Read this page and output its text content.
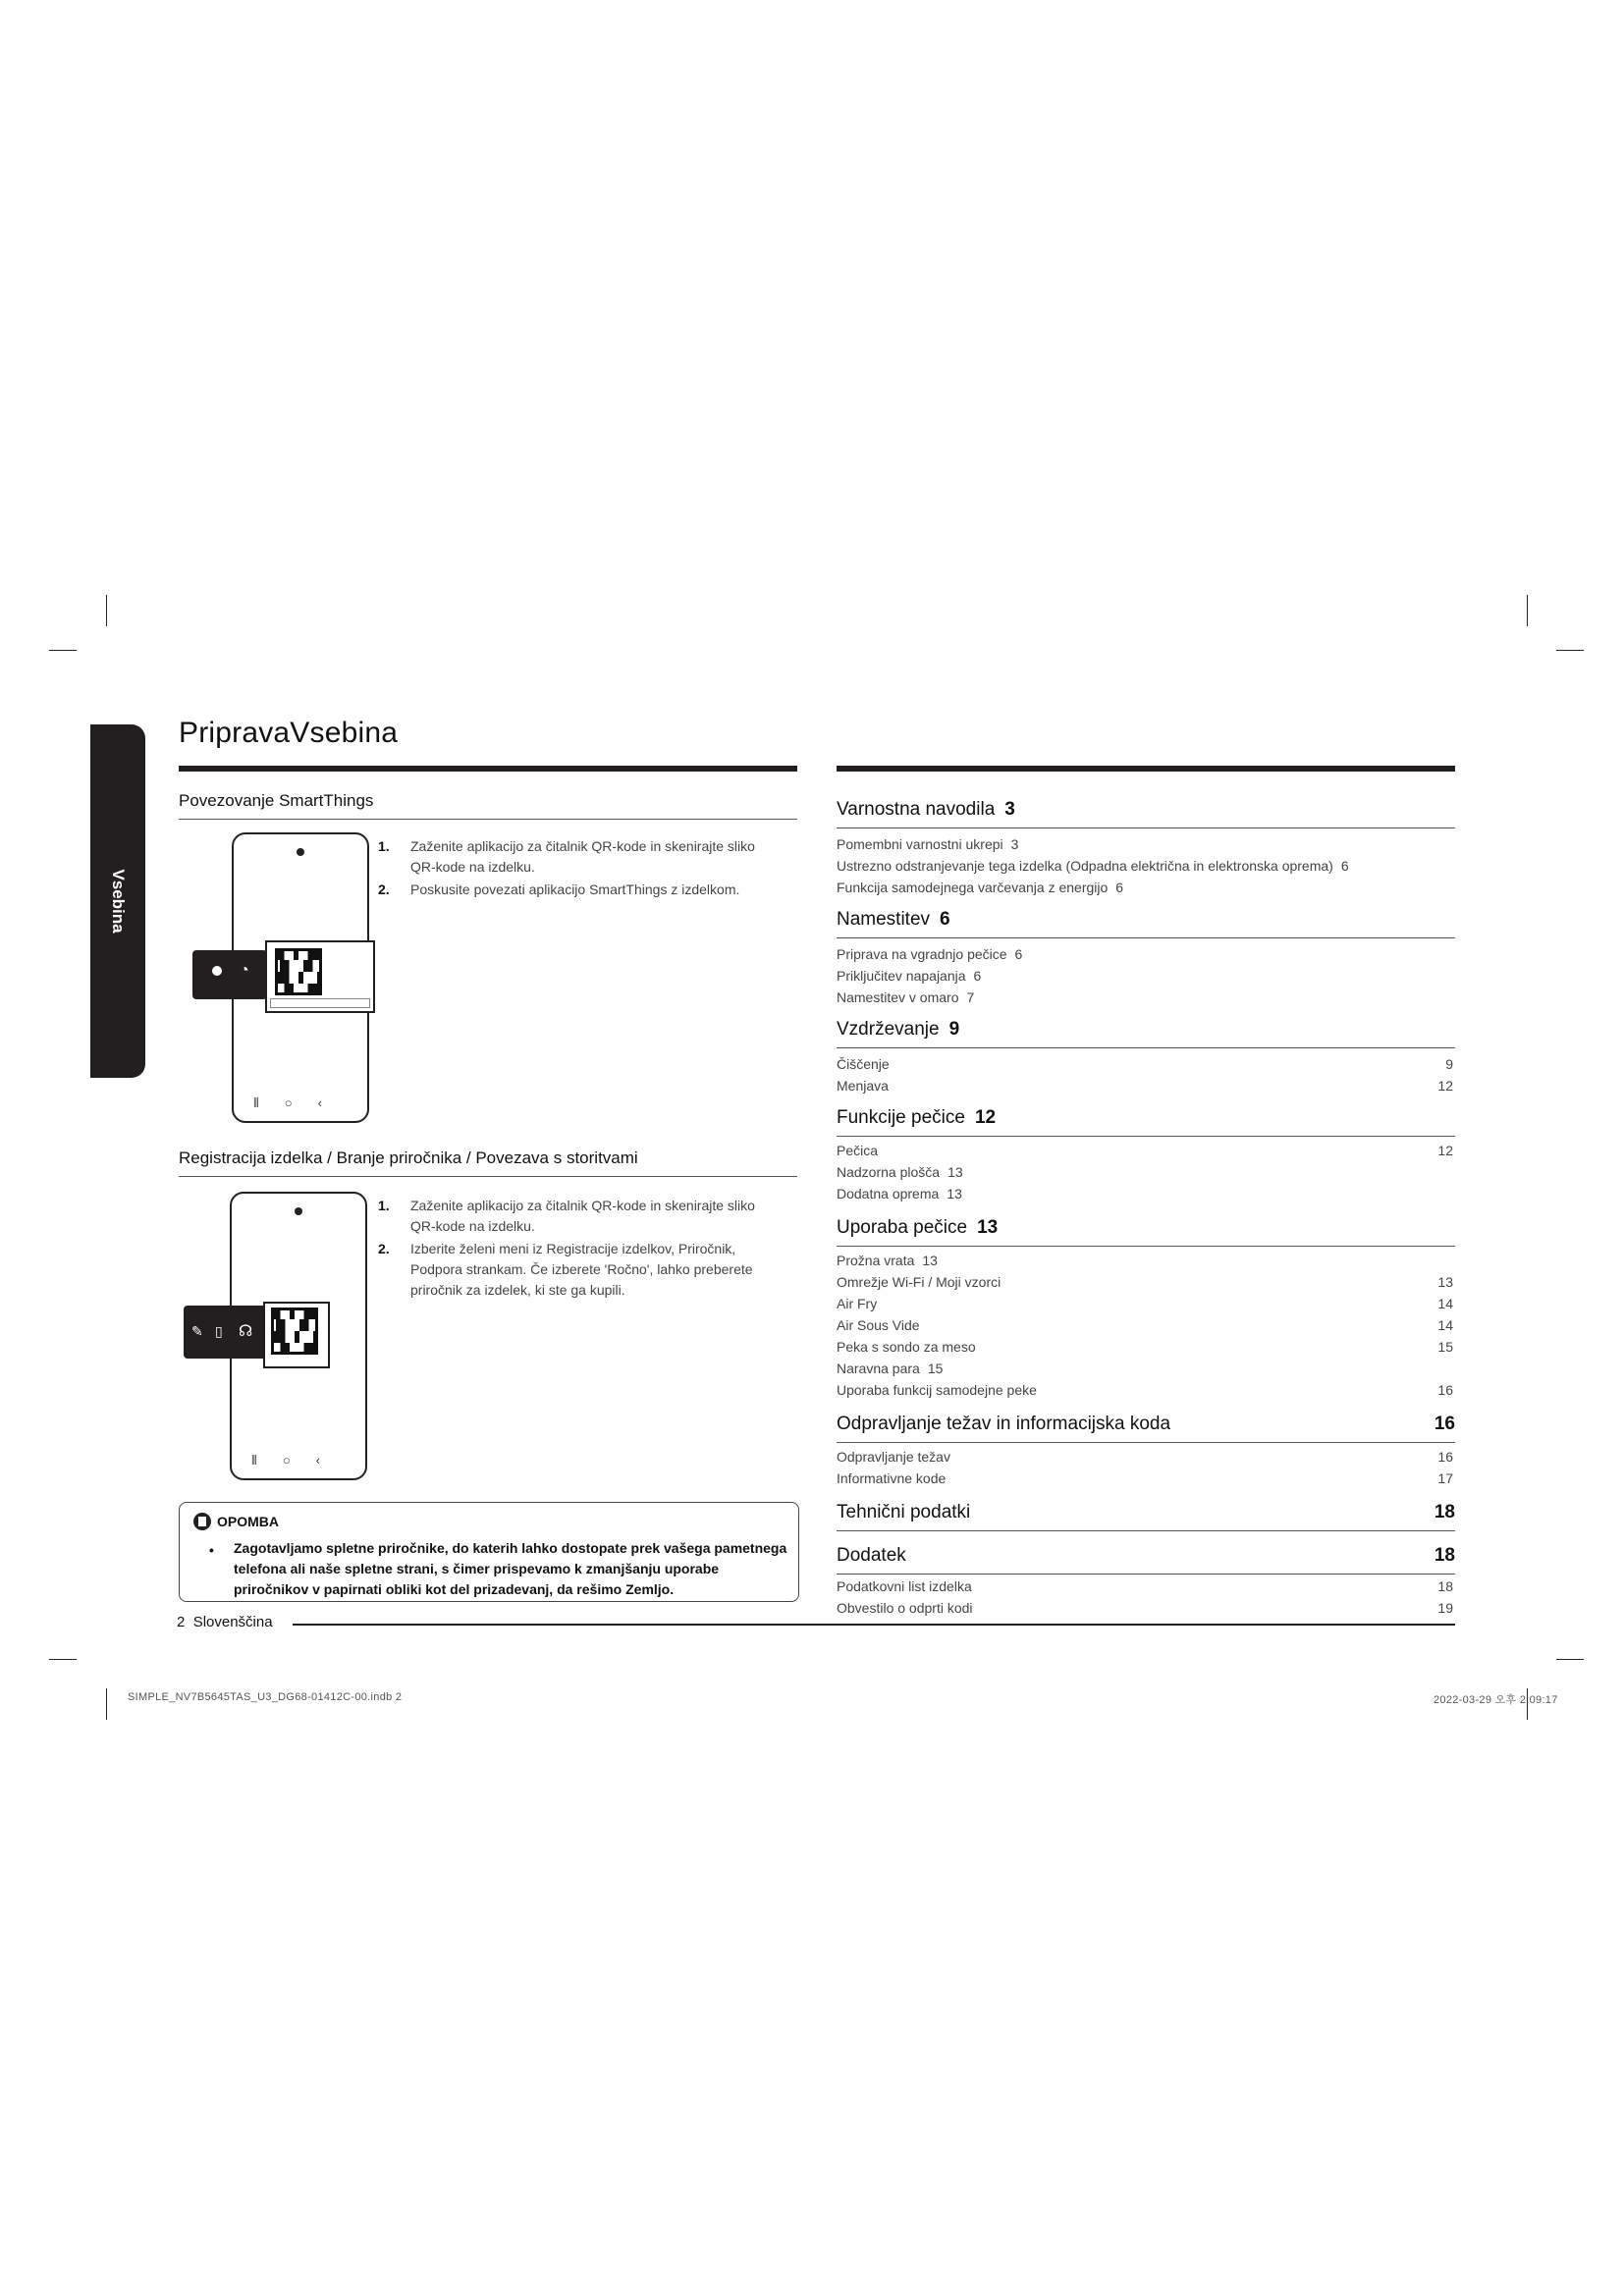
Vsebina
PripravaVsebina
Povezovanje SmartThings
⦀○‹
◔
1. Zaženite aplikacijo za čitalnik QR-kode in skenirajte sliko QR-kode na izdelku.
2. Poskusite povezati aplikacijo SmartThings z izdelkom.
Registracija izdelka / Branje priročnika / Povezava s storitvami
⦀○‹
✎ ▯ ☊
1. Zaženite aplikacijo za čitalnik QR-kode in skenirajte sliko QR-kode na izdelku.
2. Izberite želeni meni iz Registracije izdelkov, Priročnik, Podpora strankam. Če izberete 'Ročno', lahko preberete priročnik za izdelek, ki ste ga kupili.
OPOMBA
• Zagotavljamo spletne priročnike, do katerih lahko dostopate prek vašega pametnega telefona ali naše spletne strani, s čimer prispevamo k zmanjšanju uporabe priročnikov v papirnati obliki kot del prizadevanj, da rešimo Zemljo.
2 Slovenščina
Varnostna navodila 3
Pomembni varnostni ukrepi 3
Ustrezno odstranjevanje tega izdelka (Odpadna električna in elektronska oprema) 6
Funkcija samodejnega varčevanja z energijo 6
Namestitev 6
Priprava na vgradnjo pečice 6
Priključitev napajanja 6
Namestitev v omaro 7
Vzdrževanje 9
Čiščenje	9
Menjava	12
Funkcije pečice 12
Pečica	12
Nadzorna plošča 13
Dodatna oprema 13
Uporaba pečice 13
Prožna vrata 13
Omrežje Wi-Fi / Moji vzorci	13
Air Fry	14
Air Sous Vide	14
Peka s sondo za meso	15
Naravna para 15
Uporaba funkcij samodejne peke	16
Odpravljanje težav in informacijska koda	16
Odpravljanje težav	16
Informativne kode	17
Tehnični podatki	18
Dodatek	18
Podatkovni list izdelka	18
Obvestilo o odprti kodi	19
SIMPLE_NV7B5645TAS_U3_DG68-01412C-00.indb 2	2022-03-29 오후 2:09:17
